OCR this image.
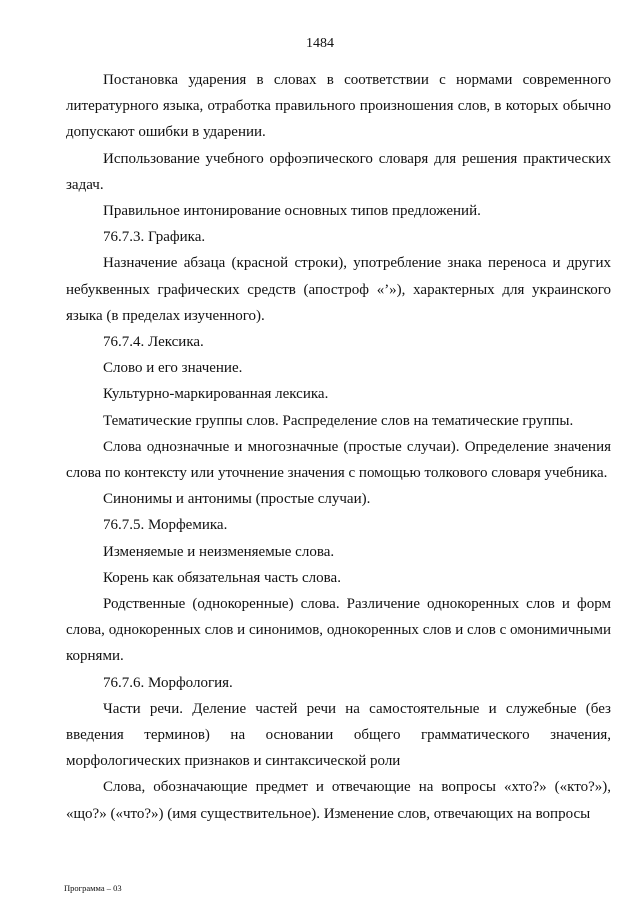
1484

Постановка ударения в словах в соответствии с нормами современного литературного языка, отработка правильного произношения слов, в которых обычно допускают ошибки в ударении.

Использование учебного орфоэпического словаря для решения практических задач.

Правильное интонирование основных типов предложений.

76.7.3. Графика.

Назначение абзаца (красной строки), употребление знака переноса и других небуквенных графических средств (апостроф «’»), характерных для украинского языка (в пределах изученного).

76.7.4. Лексика.

Слово и его значение.

Культурно-маркированная лексика.

Тематические группы слов. Распределение слов на тематические группы.

Слова однозначные и многозначные (простые случаи). Определение значения слова по контексту или уточнение значения с помощью толкового словаря учебника.

Синонимы и антонимы (простые случаи).

76.7.5. Морфемика.

Изменяемые и неизменяемые слова.

Корень как обязательная часть слова.

Родственные (однокоренные) слова. Различение однокоренных слов и форм слова, однокоренных слов и синонимов, однокоренных слов и слов с омонимичными корнями.

76.7.6. Морфология.

Части речи. Деление частей речи на самостоятельные и служебные (без введения терминов) на основании общего грамматического значения, морфологических признаков и синтаксической роли

Слова, обозначающие предмет и отвечающие на вопросы «хто?» («кто?»), «що?» («что?») (имя существительное). Изменение слов, отвечающих на вопросы

Программа – 03
